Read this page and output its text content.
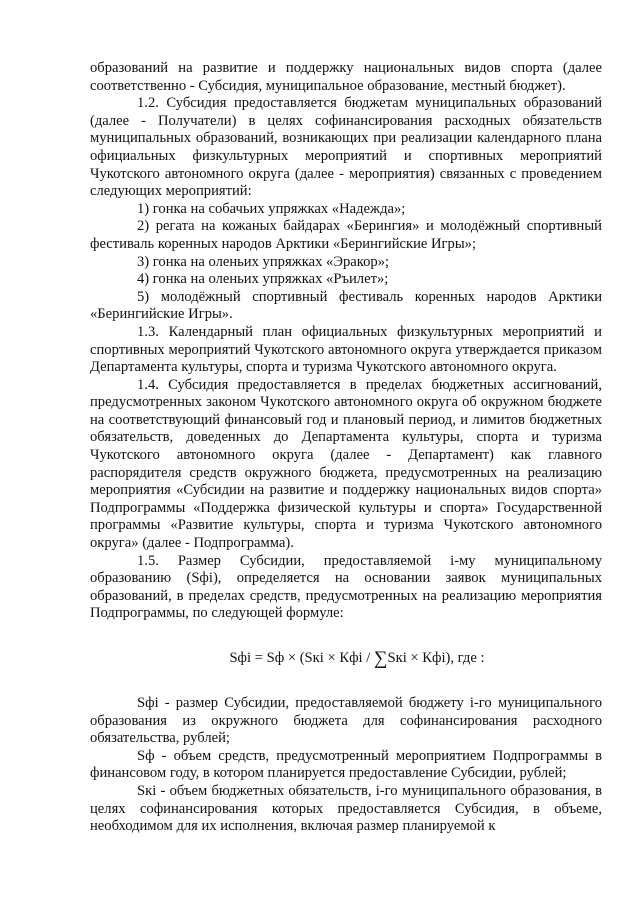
образований на развитие и поддержку национальных видов спорта (далее соответственно - Субсидия, муниципальное образование, местный бюджет).

1.2. Субсидия предоставляется бюджетам муниципальных образований (далее - Получатели) в целях софинансирования расходных обязательств муниципальных образований, возникающих при реализации календарного плана официальных физкультурных мероприятий и спортивных мероприятий Чукотского автономного округа (далее - мероприятия) связанных с проведением следующих мероприятий:

1) гонка на собачьих упряжках «Надежда»;

2) регата на кожаных байдарах «Берингия» и молодёжный спортивный фестиваль коренных народов Арктики «Берингийские Игры»;

3) гонка на оленьих упряжках «Эракор»;

4) гонка на оленьих упряжках «Ръилет»;

5) молодёжный спортивный фестиваль коренных народов Арктики «Берингийские Игры».

1.3. Календарный план официальных физкультурных мероприятий и спортивных мероприятий Чукотского автономного округа утверждается приказом Департамента культуры, спорта и туризма Чукотского автономного округа.

1.4. Субсидия предоставляется в пределах бюджетных ассигнований, предусмотренных законом Чукотского автономного округа об окружном бюджете на соответствующий финансовый год и плановый период, и лимитов бюджетных обязательств, доведенных до Департамента культуры, спорта и туризма Чукотского автономного округа (далее - Департамент) как главного распорядителя средств окружного бюджета, предусмотренных на реализацию мероприятия «Субсидии на развитие и поддержку национальных видов спорта» Подпрограммы «Поддержка физической культуры и спорта» Государственной программы «Развитие культуры, спорта и туризма Чукотского автономного округа» (далее - Подпрограмма).

1.5. Размер Субсидии, предоставляемой i-му муниципальному образованию (Sфi), определяется на основании заявок муниципальных образований, в пределах средств, предусмотренных на реализацию мероприятия Подпрограммы, по следующей формуле:

Sфi = Sф × (Sкi × Кфi / ∑Sкi × Кфi), где :

Sфi - размер Субсидии, предоставляемой бюджету i-го муниципального образования из окружного бюджета для софинансирования расходного обязательства, рублей;

Sф - объем средств, предусмотренный мероприятием Подпрограммы в финансовом году, в котором планируется предоставление Субсидии, рублей;

Sкi - объем бюджетных обязательств, i-го муниципального образования, в целях софинансирования которых предоставляется Субсидия, в объеме, необходимом для их исполнения, включая размер планируемой к
